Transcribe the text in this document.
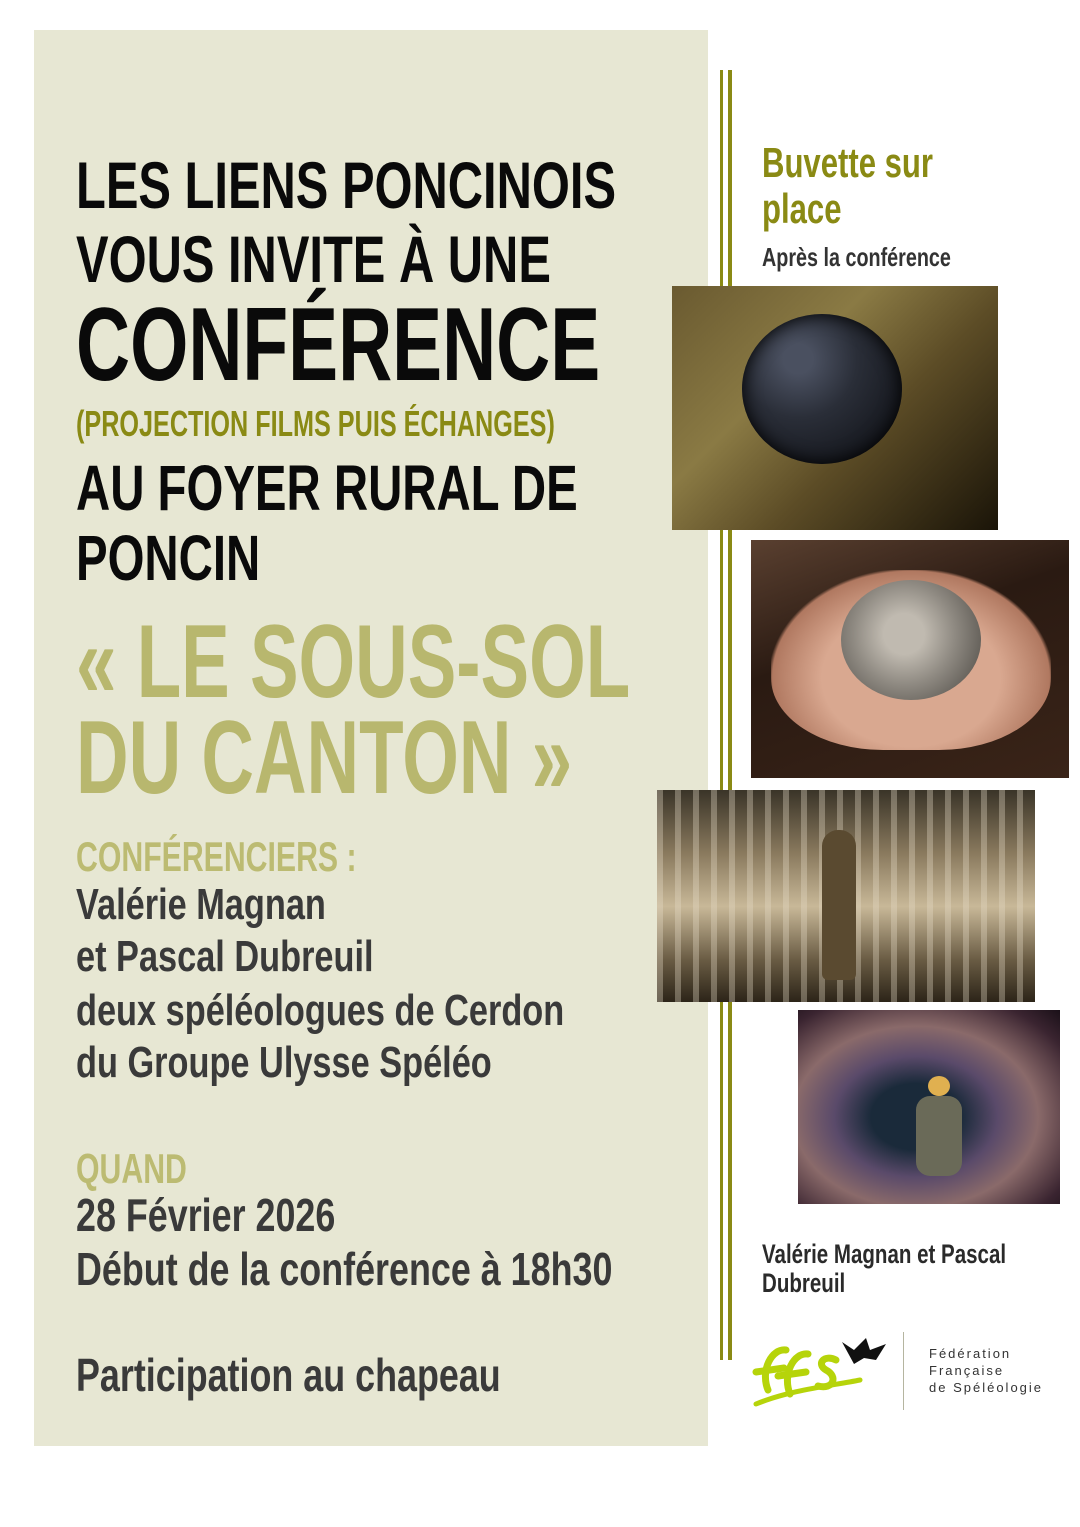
LES LIENS PONCINOIS
VOUS INVITE À UNE
CONFÉRENCE
(PROJECTION FILMS PUIS ÉCHANGES)
AU FOYER RURAL DE
PONCIN
« LE SOUS-SOL
DU CANTON »
CONFÉRENCIERS :
Valérie Magnan
et Pascal Dubreuil
deux spéléologues de Cerdon
du Groupe Ulysse Spéléo
QUAND
28 Février 2026
Début de la conférence à 18h30
Participation au chapeau
Buvette sur place
Après la conférence
Valérie Magnan et Pascal Dubreuil
Fédération
Française
de Spéléologie
